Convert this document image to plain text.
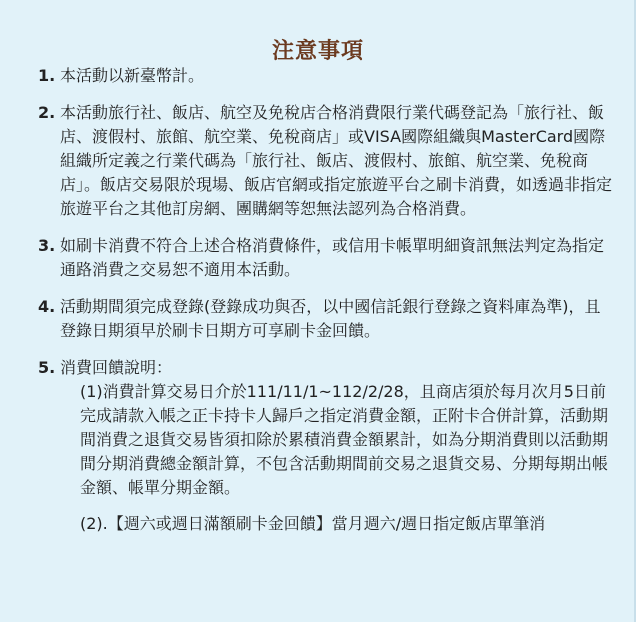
注意事項
1. 本活動以新臺幣計。
2. 本活動旅行社、飯店、航空及免稅店合格消費限行業代碼登記為「旅行社、飯店、渡假村、旅館、航空業、免稅商店」或VISA國際組織與MasterCard國際組織所定義之行業代碼為「旅行社、飯店、渡假村、旅館、航空業、免稅商店」。飯店交易限於現場、飯店官網或指定旅遊平台之刷卡消費，如透過非指定旅遊平台之其他訂房網、團購網等恕無法認列為合格消費。
3. 如刷卡消費不符合上述合格消費條件，或信用卡帳單明細資訊無法判定為指定通路消費之交易恕不適用本活動。
4. 活動期間須完成登錄(登錄成功與否，以中國信託銀行登錄之資料庫為準)，且登錄日期須早於刷卡日期方可享刷卡金回饋。
5. 消費回饋說明：
(1)消費計算交易日介於111/11/1~112/2/28，且商店須於每月次月5日前完成請款入帳之正卡持卡人歸戶之指定消費金額，正附卡合併計算，活動期間消費之退貨交易皆須扣除於累積消費金額累計，如為分期消費則以活動期間分期消費總金額計算，不包含活動期間前交易之退貨交易、分期每期出帳金額、帳單分期金額。
(2).【週六或週日滿額刷卡金回饋】當月週六/週日指定飯店單筆消
